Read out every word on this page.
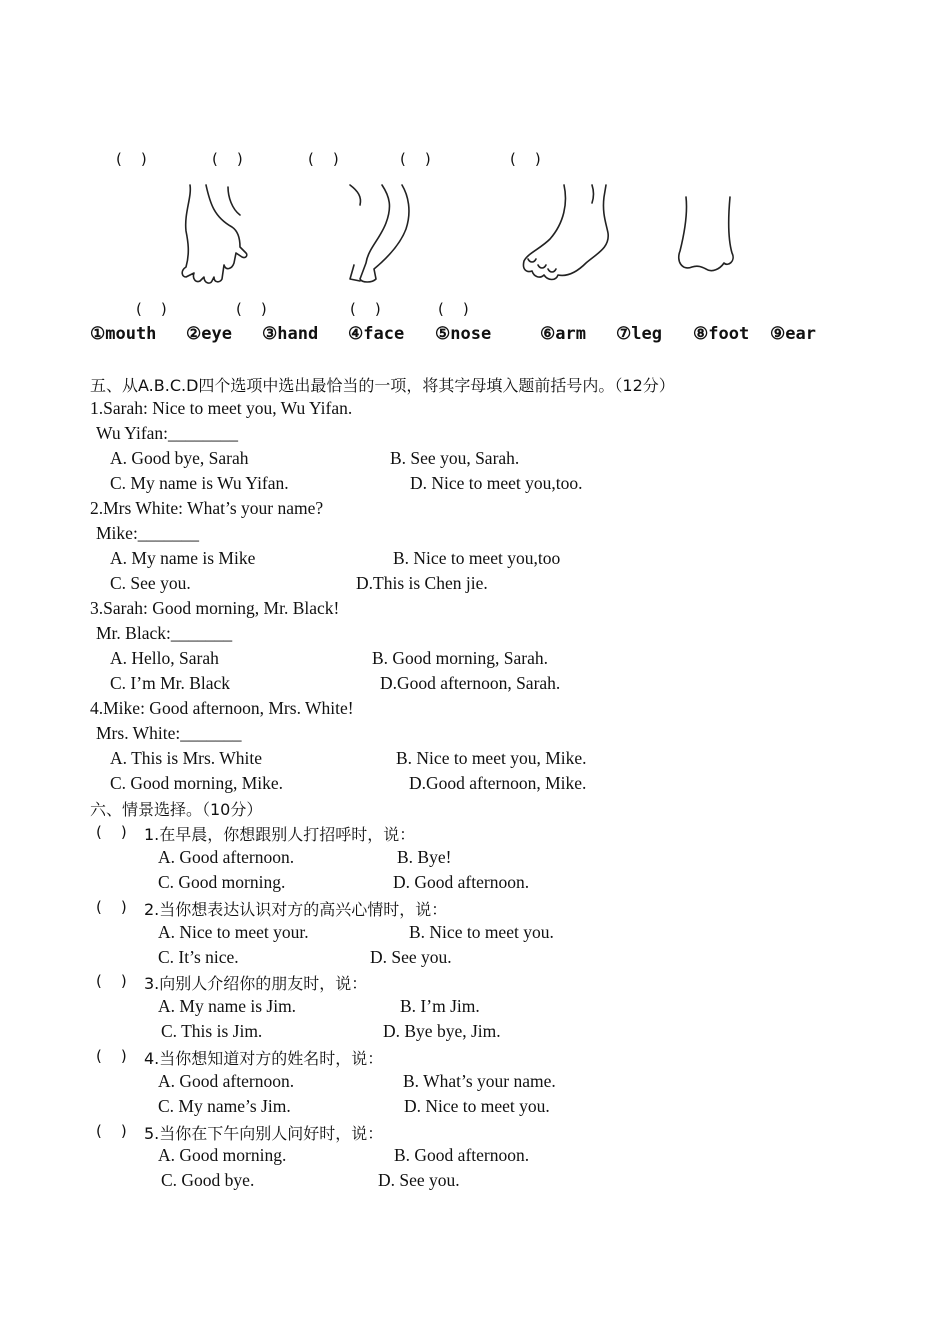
(    )	(    )	(    )	(    )	(    )
(    )	(    )	(    )	(    )
①mouth ②eye ③hand ④face ⑤nose	⑥arm ⑦leg ⑧foot ⑨ear
五、从A.B.C.D四个选项中选出最恰当的一项，将其字母填入题前括号内。（12分）
1.Sarah: Nice to meet you, Wu Yifan.
Wu Yifan:________
A. Good bye, Sarah	B. See you, Sarah.
C. My name is Wu Yifan.	D. Nice to meet you,too.
2.Mrs White: What’s your name?
Mike:_______
A. My name is Mike	B. Nice to meet you,too
C. See you.	D.This is Chen jie.
3.Sarah: Good morning, Mr. Black!
Mr. Black:_______
A. Hello, Sarah	B. Good morning, Sarah.
C. I’m Mr. Black	D.Good afternoon, Sarah.
4.Mike: Good afternoon, Mrs. White!
Mrs. White:_______
A. This is Mrs. White	B. Nice to meet you, Mike.
C. Good morning, Mike.	D.Good afternoon, Mike.
六、情景选择。（10分）
(    ) 1.在早晨，你想跟别人打招呼时，说：
A. Good afternoon.	B. Bye!
C. Good morning.	D. Good afternoon.
(    ) 2.当你想表达认识对方的高兴心情时，说：
A. Nice to meet your.	B. Nice to meet you.
C. It’s nice.	D. See you.
(    ) 3.向别人介绍你的朋友时，说：
A. My name is Jim.	B. I’m Jim.
C. This is Jim.	D. Bye bye, Jim.
(    ) 4.当你想知道对方的姓名时，说：
A. Good afternoon.	B. What’s your name.
C. My name’s Jim.	D. Nice to meet you.
(    ) 5.当你在下午向别人问好时，说：
A. Good morning.	B. Good afternoon.
C. Good bye.	D. See you.
